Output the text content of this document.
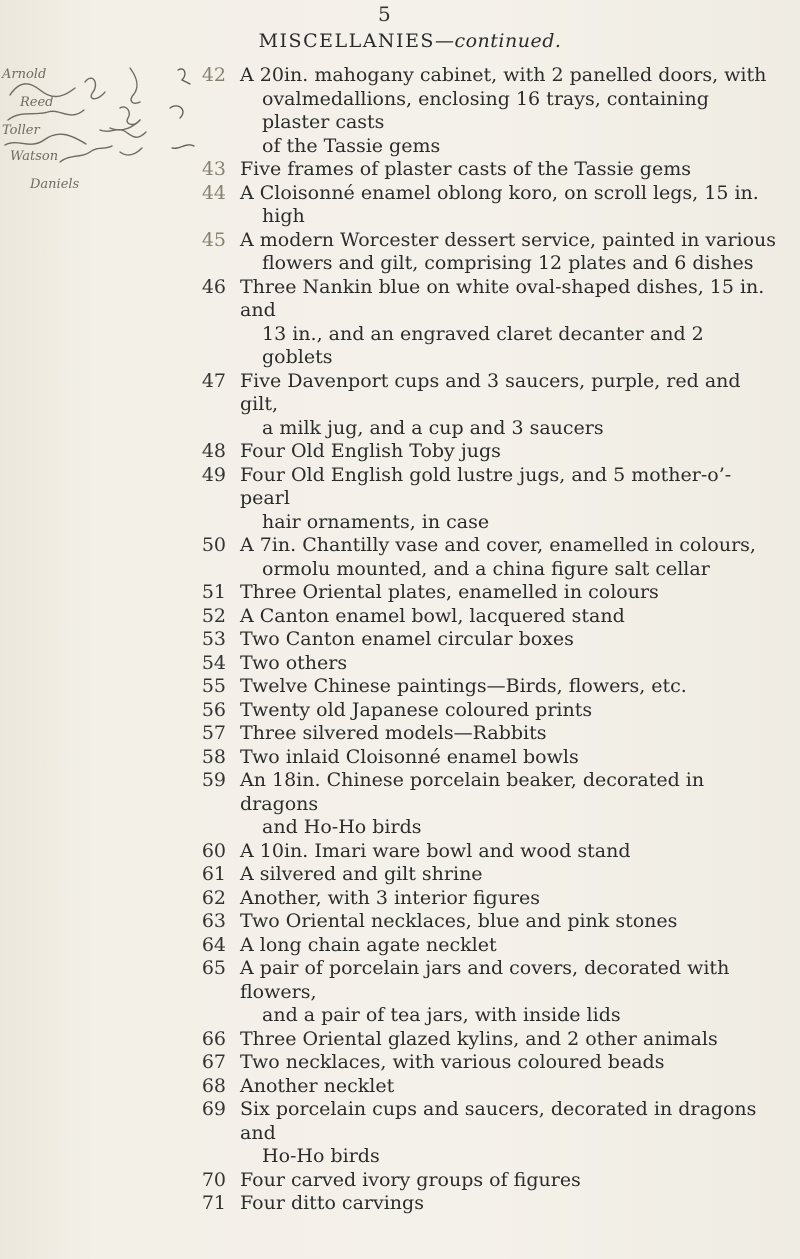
5
MISCELLANIES—continued.
Arnold
Reed
Toller
Watson
Daniels
42 A 20in. mahogany cabinet, with 2 panelled doors, with
ovalmedallions, enclosing 16 trays, containing plaster casts
of the Tassie gems
43 Five frames of plaster casts of the Tassie gems
44 A Cloisonné enamel oblong koro, on scroll legs, 15 in.
high
45 A modern Worcester dessert service, painted in various
flowers and gilt, comprising 12 plates and 6 dishes
46 Three Nankin blue on white oval-shaped dishes, 15 in. and
13 in., and an engraved claret decanter and 2 goblets
47 Five Davenport cups and 3 saucers, purple, red and gilt,
a milk jug, and a cup and 3 saucers
48 Four Old English Toby jugs
49 Four Old English gold lustre jugs, and 5 mother-o’-pearl
hair ornaments, in case
50 A 7in. Chantilly vase and cover, enamelled in colours,
ormolu mounted, and a china figure salt cellar
51 Three Oriental plates, enamelled in colours
52 A Canton enamel bowl, lacquered stand
53 Two Canton enamel circular boxes
54 Two others
55 Twelve Chinese paintings—Birds, flowers, etc.
56 Twenty old Japanese coloured prints
57 Three silvered models—Rabbits
58 Two inlaid Cloisonné enamel bowls
59 An 18in. Chinese porcelain beaker, decorated in dragons
and Ho-Ho birds
60 A 10in. Imari ware bowl and wood stand
61 A silvered and gilt shrine
62 Another, with 3 interior figures
63 Two Oriental necklaces, blue and pink stones
64 A long chain agate necklet
65 A pair of porcelain jars and covers, decorated with flowers,
and a pair of tea jars, with inside lids
66 Three Oriental glazed kylins, and 2 other animals
67 Two necklaces, with various coloured beads
68 Another necklet
69 Six porcelain cups and saucers, decorated in dragons and
Ho-Ho birds
70 Four carved ivory groups of figures
71 Four ditto carvings
